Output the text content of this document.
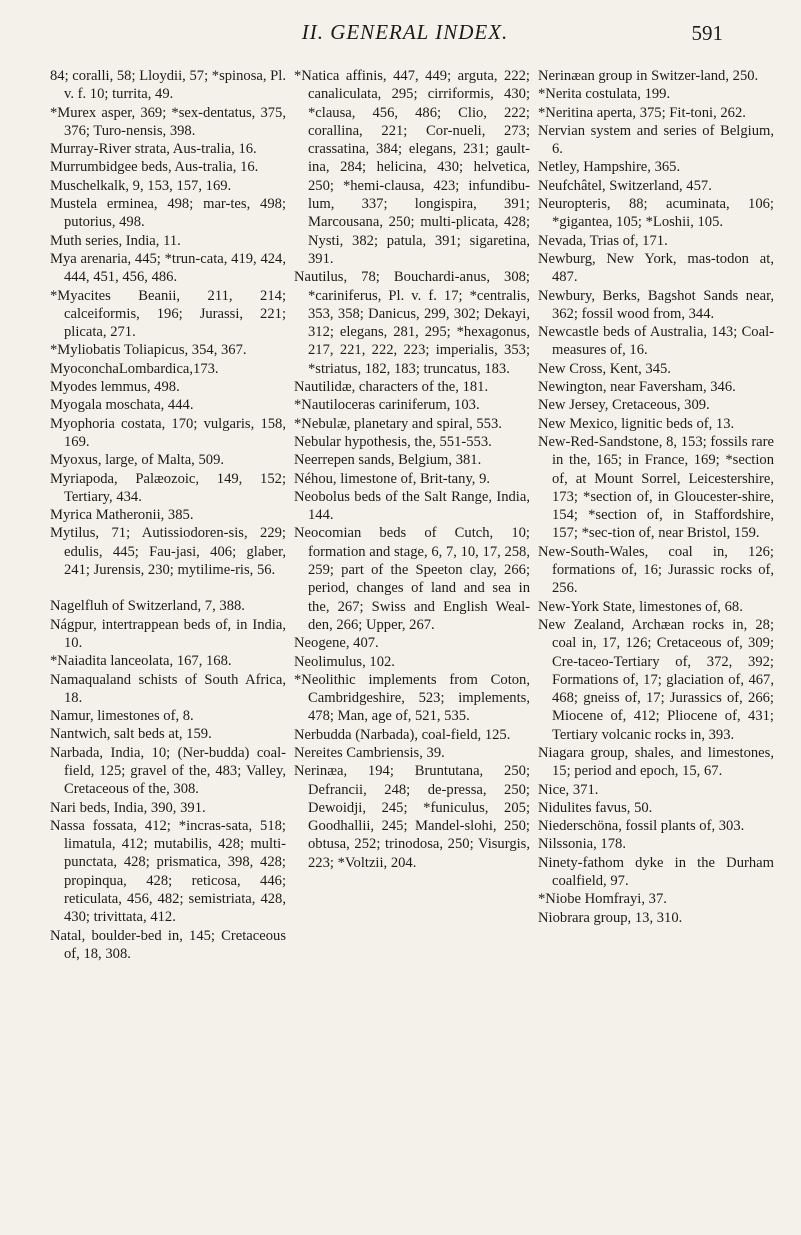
II. GENERAL INDEX.	591

84; coralli, 58; Lloydii, 57; *spinosa, Pl. v. f. 10; turrita, 49.

*Murex asper, 369; *sex-dentatus, 375, 376; Turo-nensis, 398.

Murray-River strata, Aus-tralia, 16.

Murrumbidgee beds, Aus-tralia, 16.

Muschelkalk, 9, 153, 157, 169.

Mustela erminea, 498; mar-tes, 498; putorius, 498.

Muth series, India, 11.

Mya arenaria, 445; *trun-cata, 419, 424, 444, 451, 456, 486.

*Myacites Beanii, 211, 214; calceiformis, 196; Jurassi, 221; plicata, 271.

*Myliobatis Toliapicus, 354, 367.

MyoconchaLombardica,173.

Myodes lemmus, 498.

Myogala moschata, 444.

Myophoria costata, 170; vulgaris, 158, 169.

Myoxus, large, of Malta, 509.

Myriapoda, Palæozoic, 149, 152; Tertiary, 434.

Myrica Matheronii, 385.

Mytilus, 71; Autissiodoren-sis, 229; edulis, 445; Fau-jasi, 406; glaber, 241; Jurensis, 230; mytilime-ris, 56.

Nagelfluh of Switzerland, 7, 388.

Nágpur, intertrappean beds of, in India, 10.

*Naiadita lanceolata, 167, 168.

Namaqualand schists of South Africa, 18.

Namur, limestones of, 8.

Nantwich, salt beds at, 159.

Narbada, India, 10; (Ner-budda) coal-field, 125; gravel of the, 483; Valley, Cretaceous of the, 308.

Nari beds, India, 390, 391.

Nassa fossata, 412; *incras-sata, 518; limatula, 412; mutabilis, 428; multi-punctata, 428; prismatica, 398, 428; propinqua, 428; reticosa, 446; reticulata, 456, 482; semistriata, 428, 430; trivittata, 412.

Natal, boulder-bed in, 145; Cretaceous of, 18, 308.

*Natica affinis, 447, 449; arguta, 222; canaliculata, 295; cirriformis, 430; *clausa, 456, 486; Clio, 222; corallina, 221; Cor-nueli, 273; crassatina, 384; elegans, 231; gault-ina, 284; helicina, 430; helvetica, 250; *hemi-clausa, 423; infundibu-lum, 337; longispira, 391; Marcousana, 250; multi-plicata, 428; Nysti, 382; patula, 391; sigaretina, 391.

Nautilus, 78; Bouchardi-anus, 308; *cariniferus, Pl. v. f. 17; *centralis, 353, 358; Danicus, 299, 302; Dekayi, 312; elegans, 281, 295; *hexagonus, 217, 221, 222, 223; imperialis, 353; *striatus, 182, 183; truncatus, 183.

Nautilidæ, characters of the, 181.

*Nautiloceras cariniferum, 103.

*Nebulæ, planetary and spiral, 553.

Nebular hypothesis, the, 551-553.

Neerrepen sands, Belgium, 381.

Néhou, limestone of, Brit-tany, 9.

Neobolus beds of the Salt Range, India, 144.

Neocomian beds of Cutch, 10; formation and stage, 6, 7, 10, 17, 258, 259; part of the Speeton clay, 266; period, changes of land and sea in the, 267; Swiss and English Weal-den, 266; Upper, 267.

Neogene, 407.

Neolimulus, 102.

*Neolithic implements from Coton, Cambridgeshire, 523; implements, 478; Man, age of, 521, 535.

Nerbudda (Narbada), coal-field, 125.

Nereites Cambriensis, 39.

Nerinæa, 194; Bruntutana, 250; Defrancii, 248; de-pressa, 250; Dewoidji, 245; *funiculus, 205; Goodhallii, 245; Mandel-slohi, 250; obtusa, 252; trinodosa, 250; Visurgis, 223; *Voltzii, 204.

Nerinæan group in Switzer-land, 250.

*Nerita costulata, 199.

*Neritina aperta, 375; Fit-toni, 262.

Nervian system and series of Belgium, 6.

Netley, Hampshire, 365.

Neufchâtel, Switzerland, 457.

Neuropteris, 88; acuminata, 106; *gigantea, 105; *Loshii, 105.

Nevada, Trias of, 171.

Newburg, New York, mas-todon at, 487.

Newbury, Berks, Bagshot Sands near, 362; fossil wood from, 344.

Newcastle beds of Australia, 143; Coal-measures of, 16.

New Cross, Kent, 345.

Newington, near Faversham, 346.

New Jersey, Cretaceous, 309.

New Mexico, lignitic beds of, 13.

New-Red-Sandstone, 8, 153; fossils rare in the, 165; in France, 169; *section of, at Mount Sorrel, Leicestershire, 173; *section of, in Gloucester-shire, 154; *section of, in Staffordshire, 157; *sec-tion of, near Bristol, 159.

New-South-Wales, coal in, 126; formations of, 16; Jurassic rocks of, 256.

New-York State, limestones of, 68.

New Zealand, Archæan rocks in, 28; coal in, 17, 126; Cretaceous of, 309; Cre-taceo-Tertiary of, 372, 392; Formations of, 17; glaciation of, 467, 468; gneiss of, 17; Jurassics of, 266; Miocene of, 412; Pliocene of, 431; Tertiary volcanic rocks in, 393.

Niagara group, shales, and limestones, 15; period and epoch, 15, 67.

Nice, 371.

Nidulites favus, 50.

Niederschöna, fossil plants of, 303.

Nilssonia, 178.

Ninety-fathom dyke in the Durham coalfield, 97.

*Niobe Homfrayi, 37.

Niobrara group, 13, 310.
